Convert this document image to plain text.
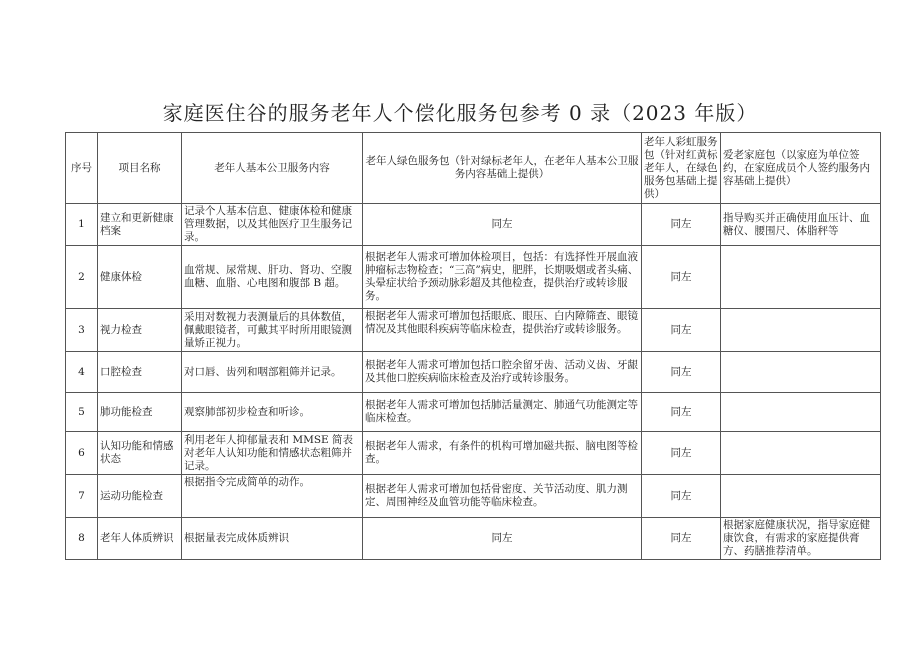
家庭医住谷的服务老年人个偿化服务包参考 0 录（2023 年版）
序号	项目名称	老年人基本公卫服务内容	老年人绿色服务包（针对绿标老年人，在老年人基本公卫服务内容基础上提供）	老年人彩虹服务包（针对红黄标老年人，在绿色服务包基础上提供）	爱老家庭包（以家庭为单位签约，在家庭成员个人签约服务内容基础上提供）
1	建立和更新健康档案	记录个人基本信息、健康体检和健康管理数据，以及其他医疗卫生服务记录。	同左	同左	指导购买并正确使用血压计、血糖仪、腰围尺、体脂秤等
2	健康体检	血常规、尿常规、肝功、肾功、空腹血糖、血脂、心电图和腹部 B 超。	根据老年人需求可增加体检项目，包括：有选择性开展血液肿瘤标志物检查；“三高”病史，肥胖，长期吸烟或者头痛、头晕症状给予颈动脉彩超及其他检查，提供治疗或转诊服务。	同左	
3	视力检查	采用对数视力表测量后的具体数值，佩戴眼镜者，可戴其平时所用眼镜测量矫正视力。	根据老年人需求可增加包括眼底、眼压、白内障筛查、眼镜情况及其他眼科疾病等临床检查，提供治疗或转诊服务。	同左	
4	口腔检查	对口唇、齿列和咽部粗筛并记录。	根据老年人需求可增加包括口腔余留牙齿、活动义齿、牙龈及其他口腔疾病临床检查及治疗或转诊服务。	同左	
5	肺功能检查	观察肺部初步检查和听诊。	根据老年人需求可增加包括肺活量测定、肺通气功能测定等临床检查。	同左	
6	认知功能和情感状态	利用老年人抑郁量表和 MMSE 简表对老年人认知功能和情感状态粗筛并记录。	根据老年人需求，有条件的机构可增加磁共振、脑电图等检查。	同左	
7	运动功能检查	根据指令完成简单的动作。	根据老年人需求可增加包括骨密度、关节活动度、肌力测定、周围神经及血管功能等临床检查。	同左	
8	老年人体质辨识	根据量表完成体质辨识	同左	同左	根据家庭健康状况，指导家庭健康饮食，有需求的家庭提供膏方、药膳推荐清单。
